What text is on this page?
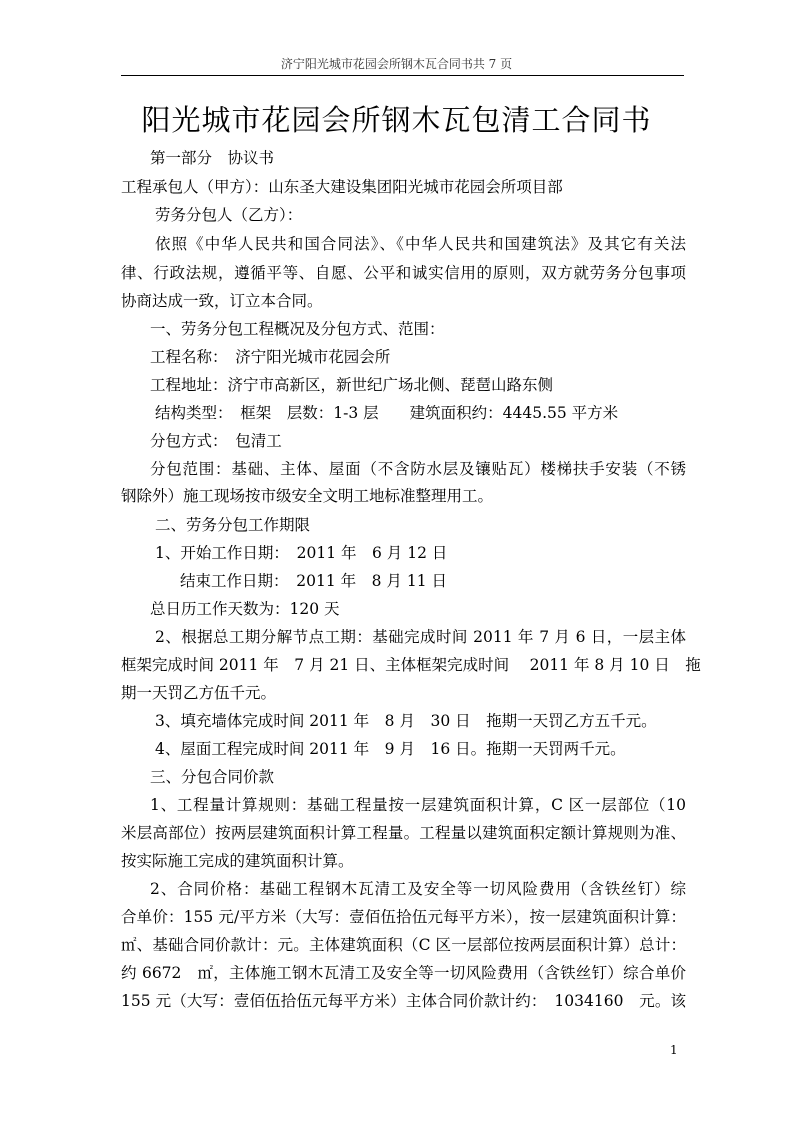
济宁阳光城市花园会所钢木瓦合同书共 7 页
阳光城市花园会所钢木瓦包清工合同书
第一部分　协议书
工程承包人（甲方）：山东圣大建设集团阳光城市花园会所项目部
劳务分包人（乙方）：
依照《中华人民共和国合同法》、《中华人民共和国建筑法》及其它有关法
律、行政法规，遵循平等、自愿、公平和诚实信用的原则，双方就劳务分包事项
协商达成一致，订立本合同。
一、劳务分包工程概况及分包方式、范围：
工程名称：　济宁阳光城市花园会所
工程地址：济宁市高新区，新世纪广场北侧、琵琶山路东侧
结构类型：　框架　层数：1-3 层　　建筑面积约：4445.55 平方米
分包方式：　包清工
分包范围：基础、主体、屋面（不含防水层及镶贴瓦）楼梯扶手安装（不锈
钢除外）施工现场按市级安全文明工地标准整理用工。
二、劳务分包工作期限
1、开始工作日期：　2011 年　6 月 12 日
结束工作日期：　2011 年　8 月 11 日
总日历工作天数为：120 天
2、根据总工期分解节点工期：基础完成时间 2011 年 7 月 6 日，一层主体
框架完成时间 2011 年　7 月 21 日、主体框架完成时间　 2011 年 8 月 10 日　拖
期一天罚乙方伍千元。
3、填充墙体完成时间 2011 年　8 月　30 日　拖期一天罚乙方五千元。
4、屋面工程完成时间 2011 年　9 月　16 日。拖期一天罚两千元。
三、分包合同价款
1、工程量计算规则：基础工程量按一层建筑面积计算，C 区一层部位（10
米层高部位）按两层建筑面积计算工程量。工程量以建筑面积定额计算规则为准、
按实际施工完成的建筑面积计算。
2、合同价格：基础工程钢木瓦清工及安全等一切风险费用（含铁丝钉）综
合单价：155 元/平方米（大写：壹佰伍拾伍元每平方米），按一层建筑面积计算：
㎡、基础合同价款计：元。主体建筑面积（C 区一层部位按两层面积计算）总计：
约 6672　㎡，主体施工钢木瓦清工及安全等一切风险费用（含铁丝钉）综合单价
155 元（大写：壹佰伍拾伍元每平方米）主体合同价款计约：　1034160　元。该
1
